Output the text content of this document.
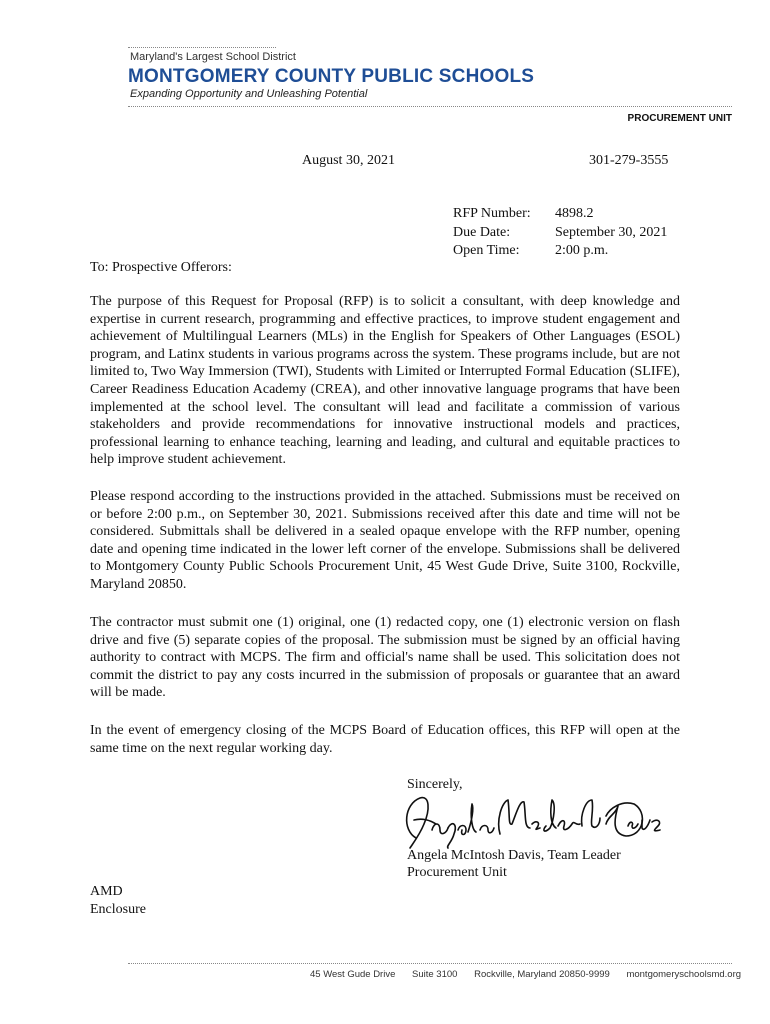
Maryland's Largest School District
MONTGOMERY COUNTY PUBLIC SCHOOLS
Expanding Opportunity and Unleashing Potential
PROCUREMENT UNIT
August 30, 2021	301-279-3555
RFP Number:	4898.2
Due Date:	September 30, 2021
Open Time:	2:00 p.m.
To: Prospective Offerors:
The purpose of this Request for Proposal (RFP) is to solicit a consultant, with deep knowledge and expertise in current research, programming and effective practices, to improve student engagement and achievement of Multilingual Learners (MLs) in the English for Speakers of Other Languages (ESOL) program, and Latinx students in various programs across the system. These programs include, but are not limited to, Two Way Immersion (TWI), Students with Limited or Interrupted Formal Education (SLIFE), Career Readiness Education Academy (CREA), and other innovative language programs that have been implemented at the school level. The consultant will lead and facilitate a commission of various stakeholders and provide recommendations for innovative instructional models and practices, professional learning to enhance teaching, learning and leading, and cultural and equitable practices to help improve student achievement.
Please respond according to the instructions provided in the attached. Submissions must be received on or before 2:00 p.m., on September 30, 2021. Submissions received after this date and time will not be considered. Submittals shall be delivered in a sealed opaque envelope with the RFP number, opening date and opening time indicated in the lower left corner of the envelope. Submissions shall be delivered to Montgomery County Public Schools Procurement Unit, 45 West Gude Drive, Suite 3100, Rockville, Maryland 20850.
The contractor must submit one (1) original, one (1) redacted copy, one (1) electronic version on flash drive and five (5) separate copies of the proposal. The submission must be signed by an official having authority to contract with MCPS. The firm and official's name shall be used. This solicitation does not commit the district to pay any costs incurred in the submission of proposals or guarantee that an award will be made.
In the event of emergency closing of the MCPS Board of Education offices, this RFP will open at the same time on the next regular working day.
Sincerely,
Angela McIntosh Davis, Team Leader
Procurement Unit
AMD
Enclosure
45 West Gude Drive Suite 3100 Rockville, Maryland 20850-9999 montgomeryschoolsmd.org
